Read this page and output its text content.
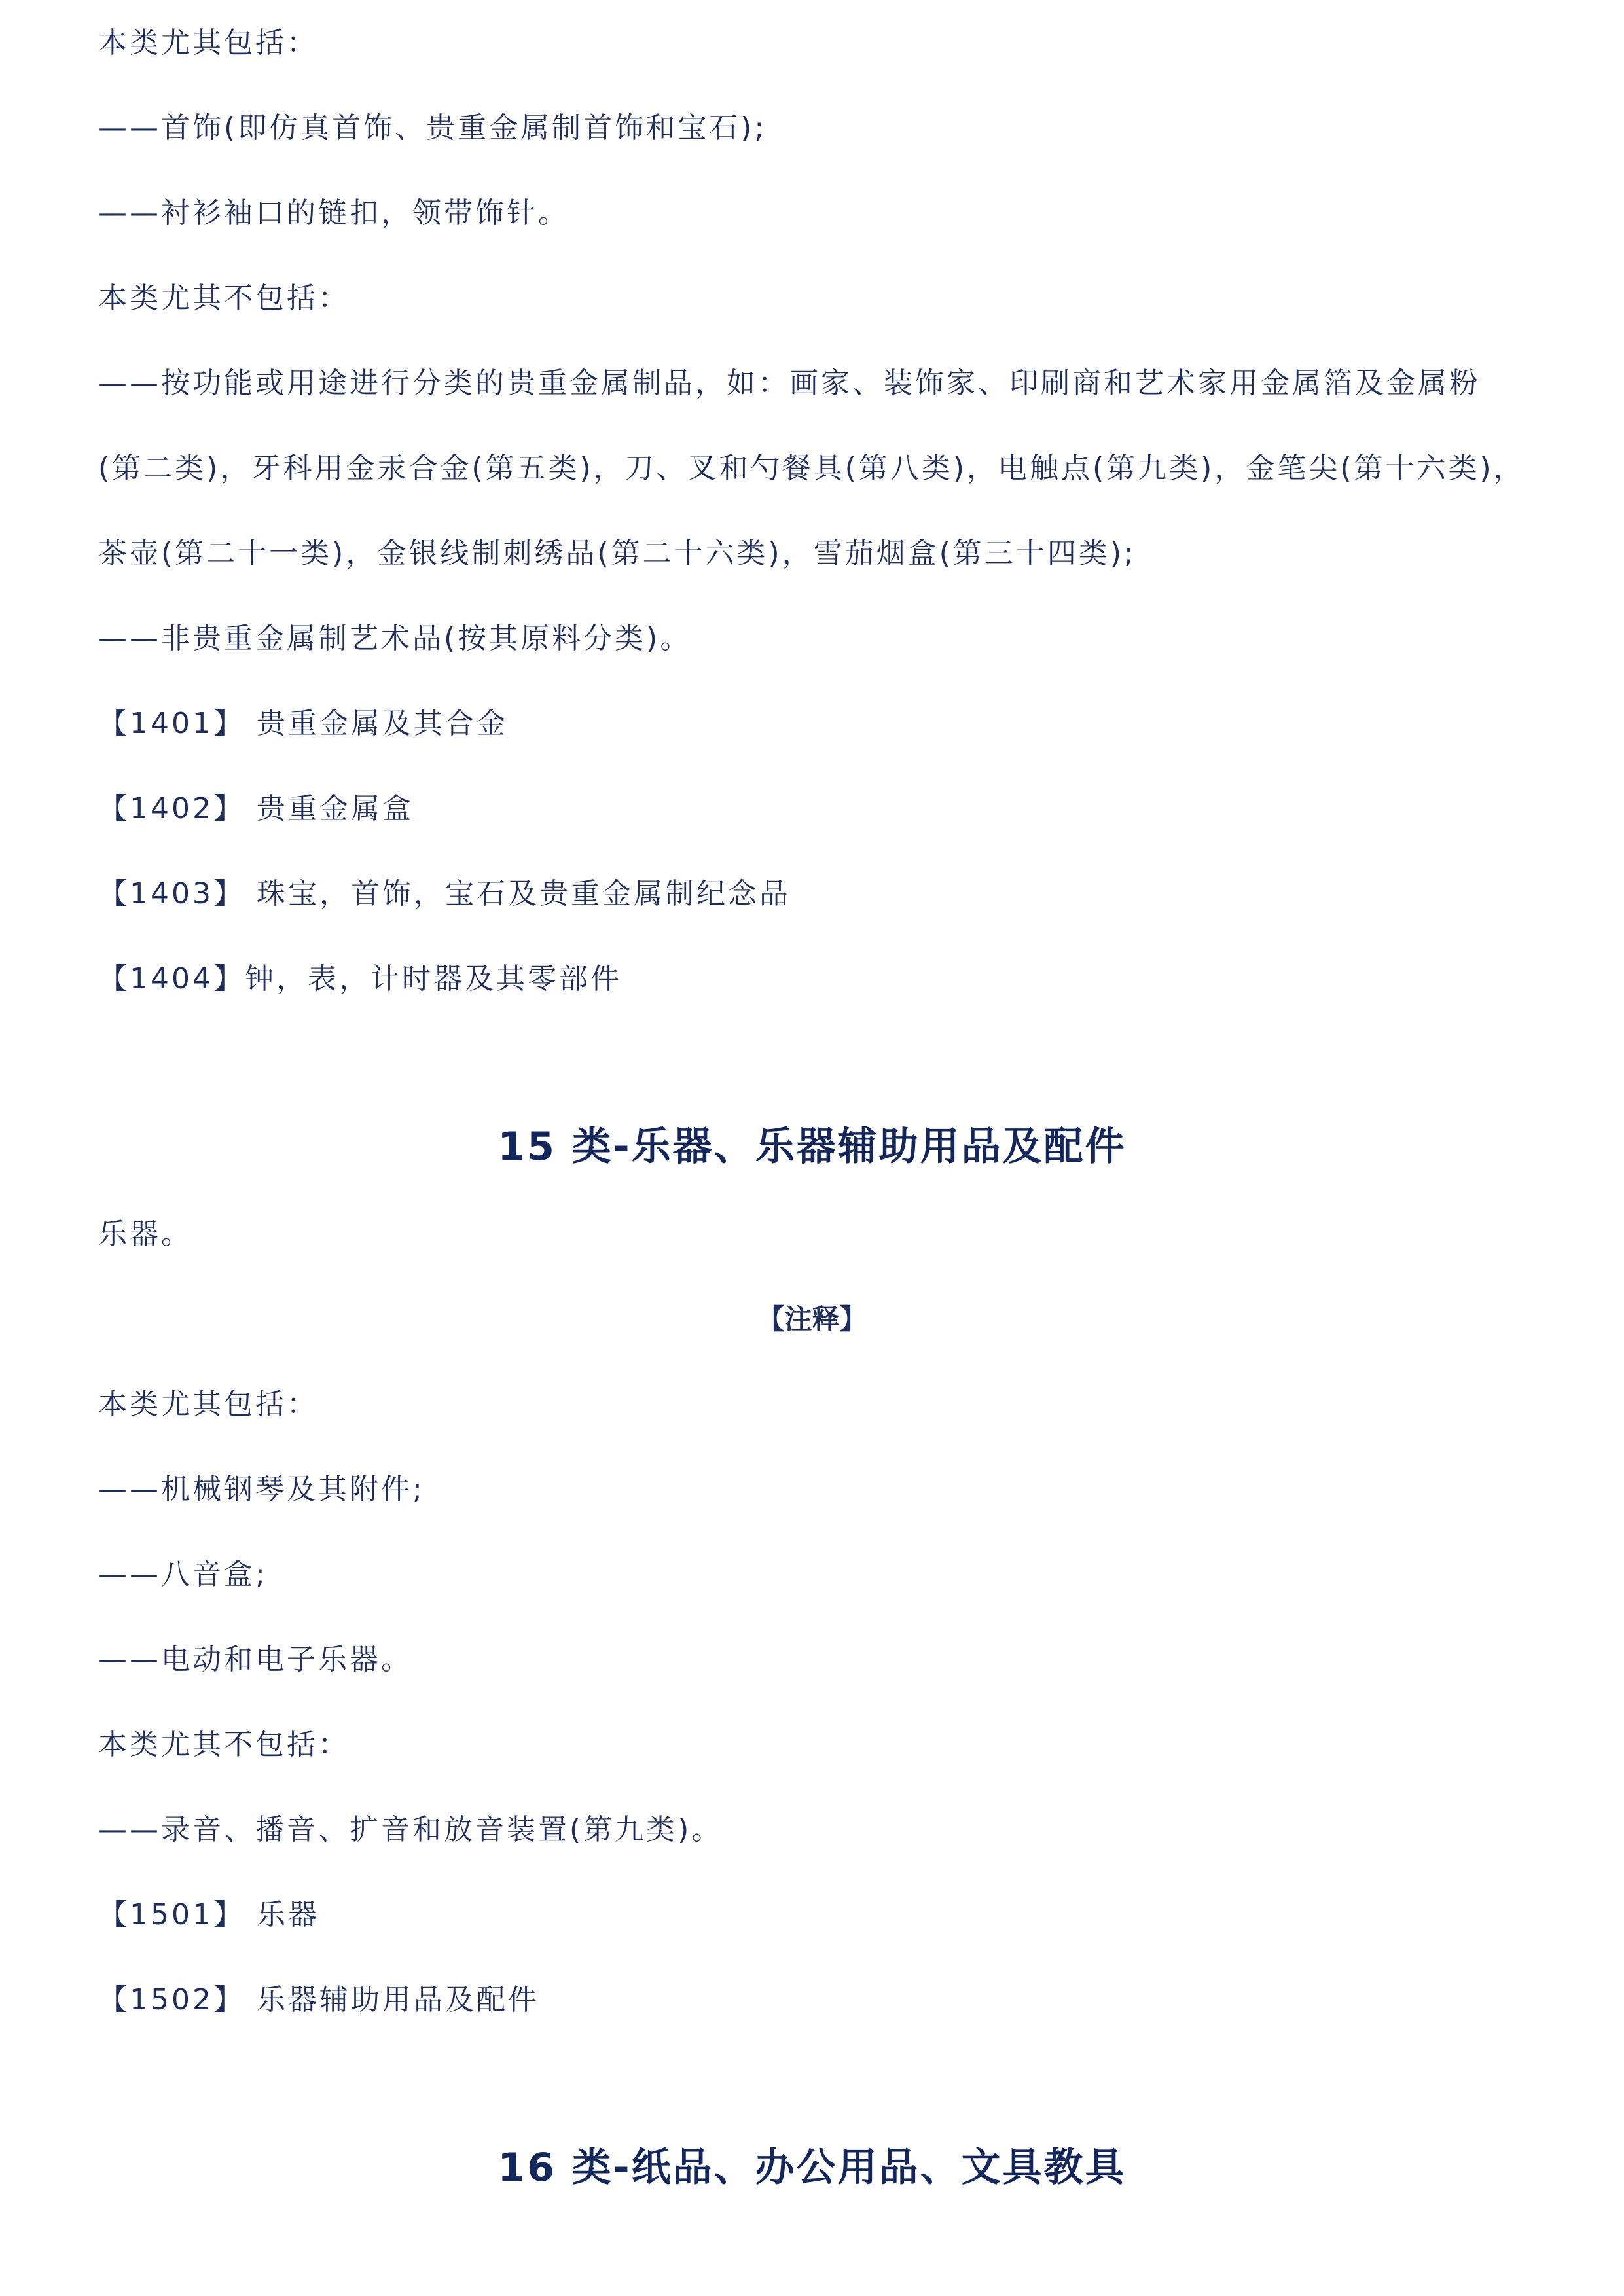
本类尤其包括：
——首饰(即仿真首饰、贵重金属制首饰和宝石);
——衬衫袖口的链扣，领带饰针。
本类尤其不包括：
——按功能或用途进行分类的贵重金属制品，如：画家、装饰家、印刷商和艺术家用金属箔及金属粉
(第二类)，牙科用金汞合金(第五类)，刀、叉和勺餐具(第八类)，电触点(第九类)，金笔尖(第十六类)，
茶壶(第二十一类)，金银线制刺绣品(第二十六类)，雪茄烟盒(第三十四类);
——非贵重金属制艺术品(按其原料分类)。
【1401】 贵重金属及其合金
【1402】 贵重金属盒
【1403】 珠宝，首饰，宝石及贵重金属制纪念品
【1404】钟，表，计时器及其零部件
15 类-乐器、乐器辅助用品及配件
乐器。
【注释】
本类尤其包括：
——机械钢琴及其附件;
——八音盒;
——电动和电子乐器。
本类尤其不包括：
——录音、播音、扩音和放音装置(第九类)。
【1501】 乐器
【1502】 乐器辅助用品及配件
16 类-纸品、办公用品、文具教具
